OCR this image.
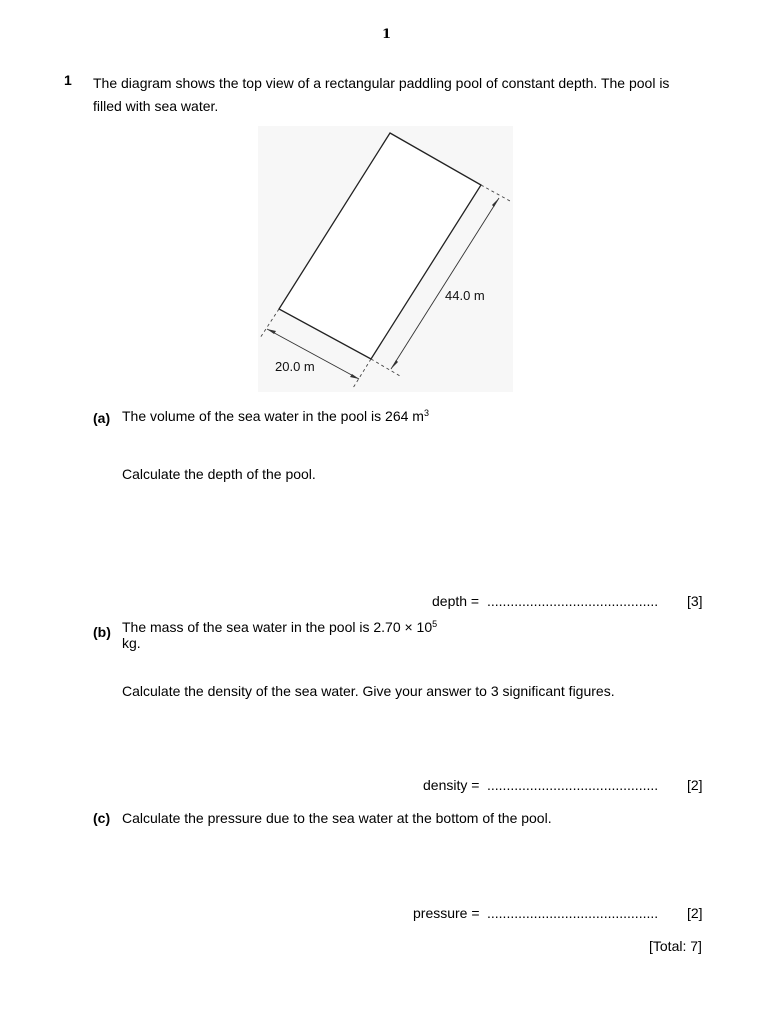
1
1 The diagram shows the top view of a rectangular paddling pool of constant depth. The pool is filled with sea water.
44.0 m
20.0 m
(a) The volume of the sea water in the pool is 264 $m^3$
Calculate the depth of the pool.
depth = ............................................ [3]
(b) The mass of the sea water in the pool is $2.70 \times 10^5$
kg.
Calculate the density of the sea water. Give your answer to 3 significant figures.
density = ............................................ [2]
(c) Calculate the pressure due to the sea water at the bottom of the pool.
pressure = ............................................ [2]
[Total: 7]
